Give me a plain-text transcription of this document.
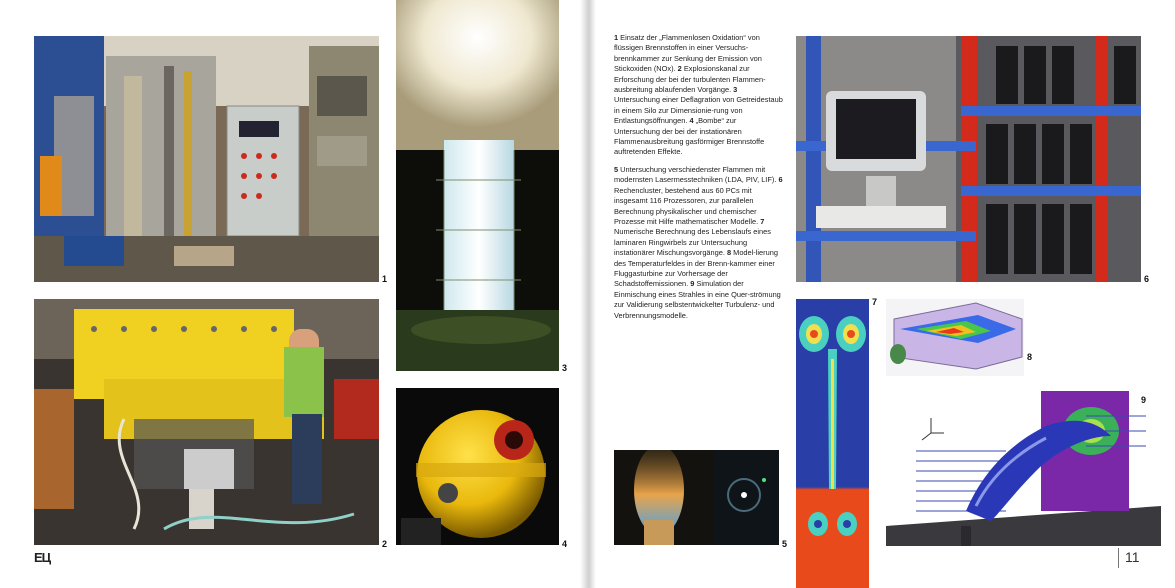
1
2
3
4

1 Einsatz der „Flammenlosen Oxidation“ von flüssigen Brennstoffen in einer Versuchs-brennkammer zur Senkung der Emission von Stickoxiden (NOx). 2 Explosionskanal zur Erforschung der bei der turbulenten Flammen-ausbreitung ablaufenden Vorgänge. 3 Untersuchung einer Deflagration von Getreidestaub in einem Silo zur Dimensionie-rung von Entlastungsöffnungen. 4 „Bombe“ zur Untersuchung der bei der instationären Flammenausbreitung gasförmiger Brennstoffe auftretenden Effekte.

5 Untersuchung verschiedenster Flammen mit modernsten Lasermesstechniken (LDA, PIV, LIF). 6 Rechencluster, bestehend aus 60 PCs mit insgesamt 116 Prozessoren, zur parallelen Berechnung physikalischer und chemischer Prozesse mit Hilfe mathematischer Modelle. 7 Numerische Berechnung des Lebenslaufs eines laminaren Ringwirbels zur Untersuchung instationärer Mischungsvorgänge. 8 Model-lierung des Temperaturfeldes in der Brenn-kammer einer Fluggasturbine zur Vorhersage der Schadstoffemissionen. 9 Simulation der Einmischung eines Strahles in eine Quer-strömung zur Validierung selbstentwickelter Turbulenz- und Verbrennungsmodelle.

5
6
7
8
9
ЕЦ	11
